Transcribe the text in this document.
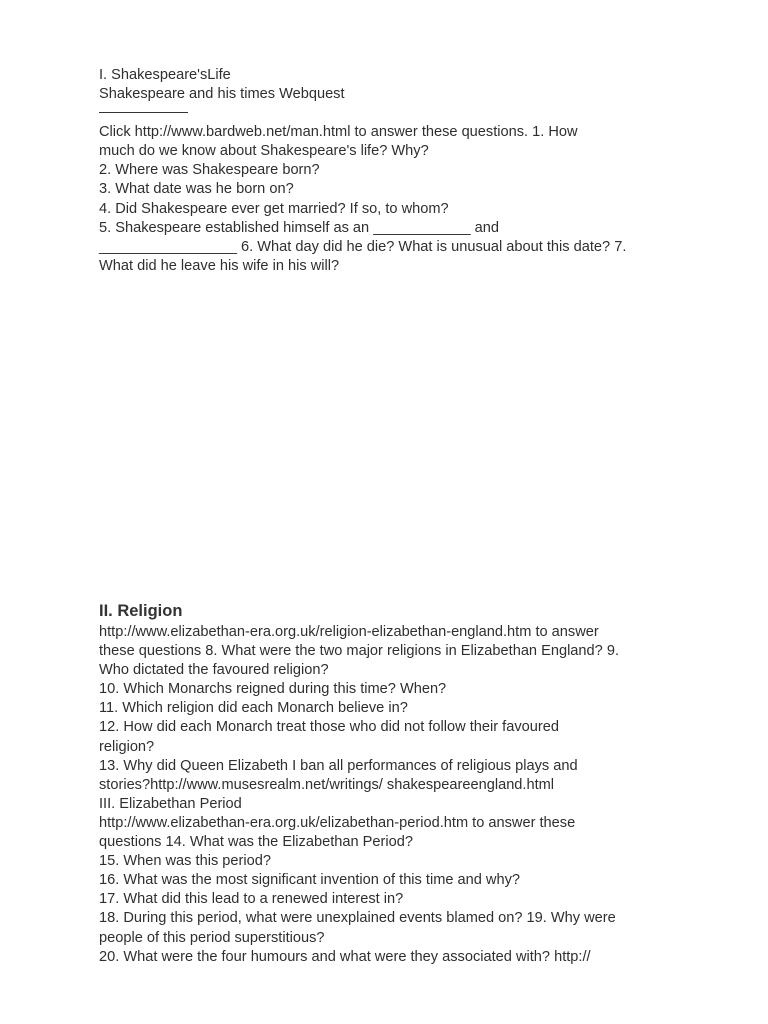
I. Shakespeare'sLife
Shakespeare and his times Webquest
Click http://www.bardweb.net/man.html to answer these questions. 1. How
much do we know about Shakespeare's life? Why?
2. Where was Shakespeare born?
3. What date was he born on?
4. Did Shakespeare ever get married? If so, to whom?
5. Shakespeare established himself as an ____________ and
_________________ 6. What day did he die? What is unusual about this date? 7.
What did he leave his wife in his will?
II. Religion
http://www.elizabethan-era.org.uk/religion-elizabethan-england.htm to answer
these questions 8. What were the two major religions in Elizabethan England? 9.
Who dictated the favoured religion?
10. Which Monarchs reigned during this time? When?
11. Which religion did each Monarch believe in?
12. How did each Monarch treat those who did not follow their favoured
religion?
13. Why did Queen Elizabeth I ban all performances of religious plays and
stories?http://www.musesrealm.net/writings/ shakespeareengland.html
III. Elizabethan Period
http://www.elizabethan-era.org.uk/elizabethan-period.htm to answer these
questions 14. What was the Elizabethan Period?
15. When was this period?
16. What was the most significant invention of this time and why?
17. What did this lead to a renewed interest in?
18. During this period, what were unexplained events blamed on? 19. Why were
people of this period superstitious?
20. What were the four humours and what were they associated with? http://
